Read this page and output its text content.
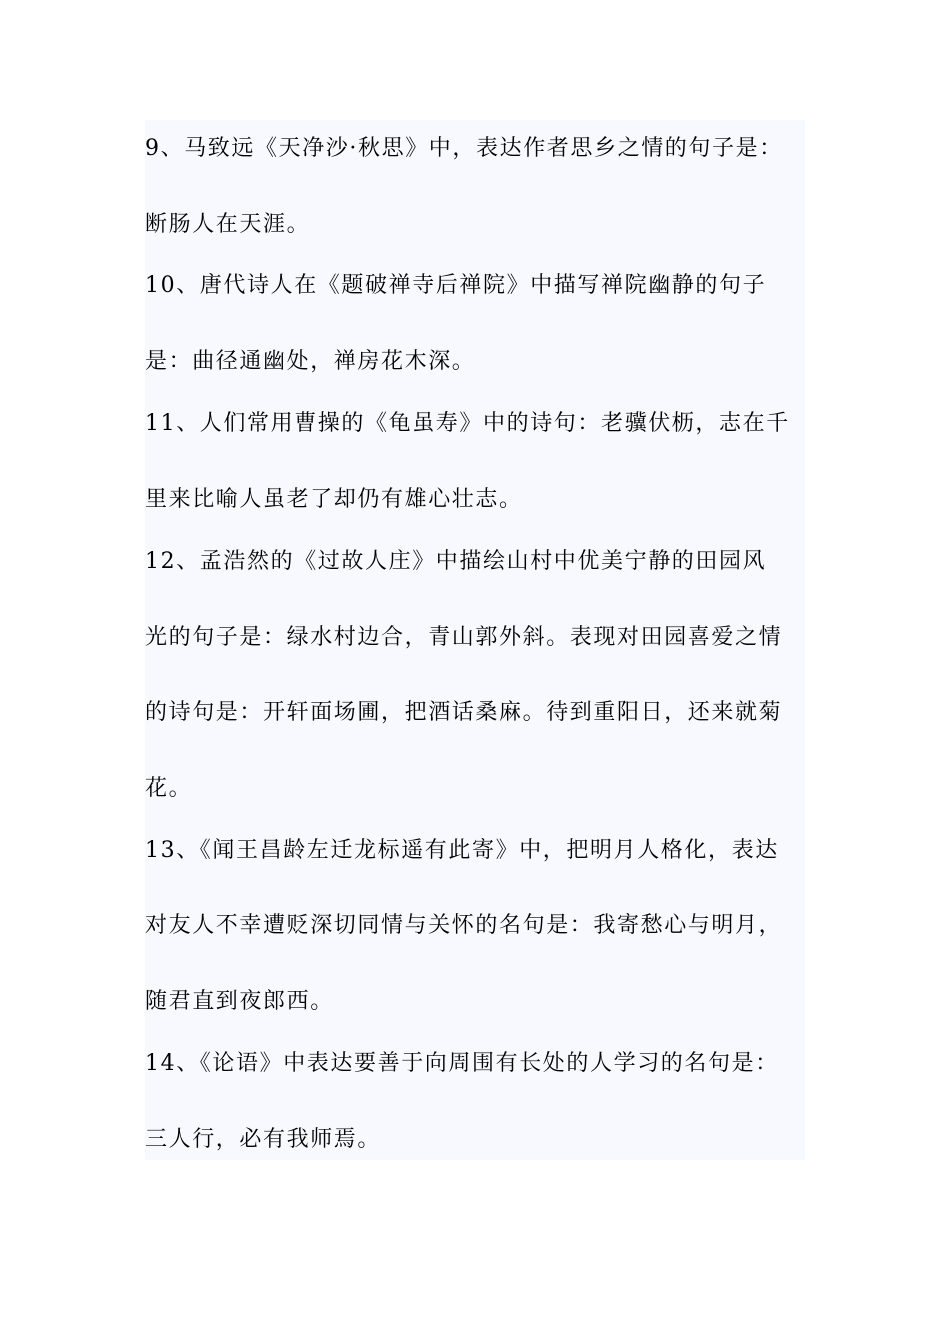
9、马致远《天净沙·秋思》中，表达作者思乡之情的句子是：
断肠人在天涯。
10、唐代诗人在《题破禅寺后禅院》中描写禅院幽静的句子
是：曲径通幽处，禅房花木深。
11、人们常用曹操的《龟虽寿》中的诗句：老骥伏枥，志在千
里来比喻人虽老了却仍有雄心壮志。
12、孟浩然的《过故人庄》中描绘山村中优美宁静的田园风
光的句子是：绿水村边合，青山郭外斜。表现对田园喜爱之情
的诗句是：开轩面场圃，把酒话桑麻。待到重阳日，还来就菊
花。
13、《闻王昌龄左迁龙标遥有此寄》中，把明月人格化，表达
对友人不幸遭贬深切同情与关怀的名句是：我寄愁心与明月，
随君直到夜郎西。
14、《论语》中表达要善于向周围有长处的人学习的名句是：
三人行，必有我师焉。
